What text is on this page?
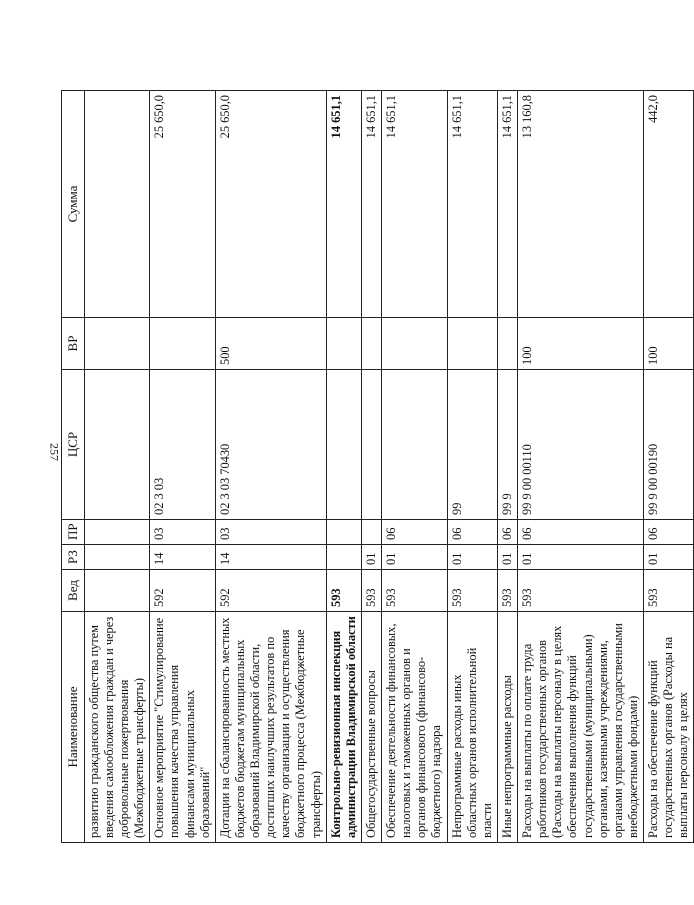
257
Наименование	Вед	РЗ	ПР	ЦСР	ВР	Сумма
развитию гражданского общества путем введения самообложения граждан и через добровольные пожертвования (Межбюджетные трансферты)						
Основное мероприятие "Стимулирование повышения качества управления финансами муниципальных образований"	592	14	03	02 3 03		25 650,0
Дотации на сбалансированность местных бюджетов бюджетам муниципальных образований Владимирской области, достигших наилучших результатов по качеству организации и осуществления бюджетного процесса (Межбюджетные трансферты)	592	14	03	02 3 03 70430	500	25 650,0
Контрольно-ревизионная инспекция администрации Владимирской области	593					14 651,1
Общегосударственные вопросы	593	01				14 651,1
Обеспечение деятельности финансовых, налоговых и таможенных органов и органов финансового (финансово-бюджетного) надзора	593	01	06			14 651,1
Непрограммные расходы иных областных органов исполнительной власти	593	01	06	99		14 651,1
Иные непрограммные расходы	593	01	06	99 9		14 651,1
Расходы на выплаты по оплате труда работников государственных органов (Расходы на выплаты персоналу в целях обеспечения выполнения функций государственными (муниципальными) органами, казенными учреждениями, органами управления государственными внебюджетными фондами)	593	01	06	99 9 00 00110	100	13 160,8
Расходы на обеспечение функций государственных органов (Расходы на выплаты персоналу в целях	593	01	06	99 9 00 00190	100	442,0
